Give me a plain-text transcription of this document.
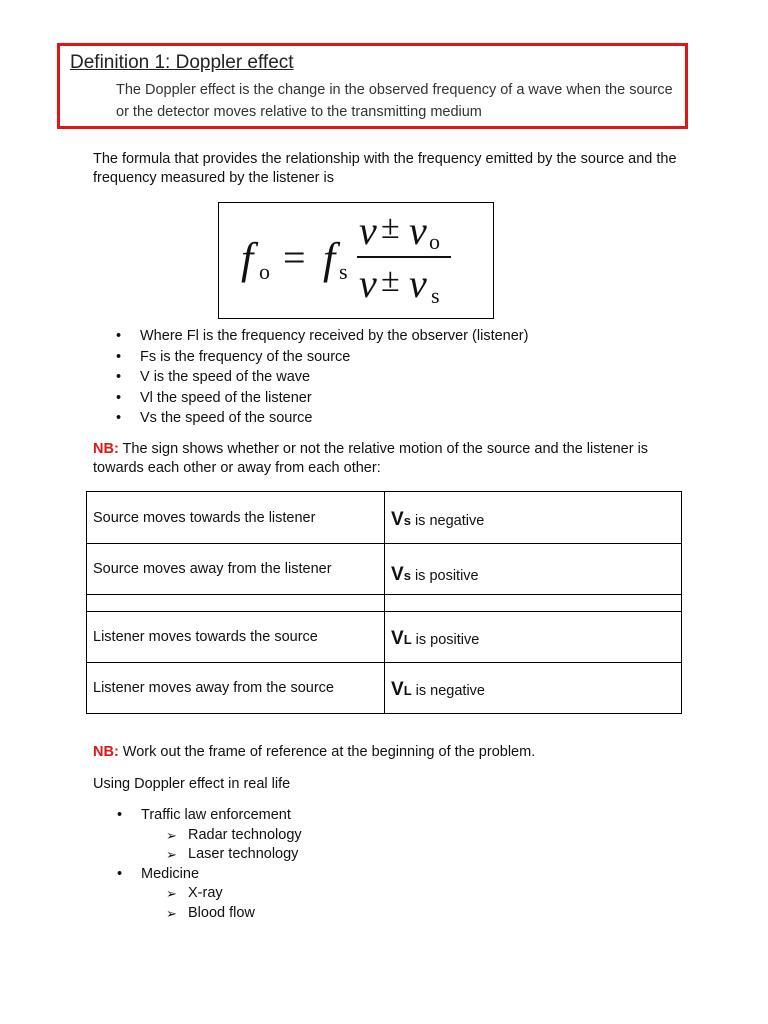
Definition 1: Doppler effect
The Doppler effect is the change in the observed frequency of a wave when the source or the detector moves relative to the transmitting medium
The formula that provides the relationship with the frequency emitted by the source and the frequency measured by the listener is
f o = f s
v ± v o
v ± v s
• Where Fl is the frequency received by the observer (listener)
• Fs is the frequency of the source
• V is the speed of the wave
• Vl the speed of the listener
• Vs the speed of the source
NB: The sign shows whether or not the relative motion of the source and the listener is towards each other or away from each other:
Source moves towards the listener	Vs is negative
Source moves away from the listener	Vs is positive

Listener moves towards the source	VL is positive
Listener moves away from the source	VL is negative
NB: Work out the frame of reference at the beginning of the problem.
Using Doppler effect in real life
• Traffic law enforcement
➢ Radar technology
➢ Laser technology
• Medicine
➢ X-ray
➢ Blood flow
